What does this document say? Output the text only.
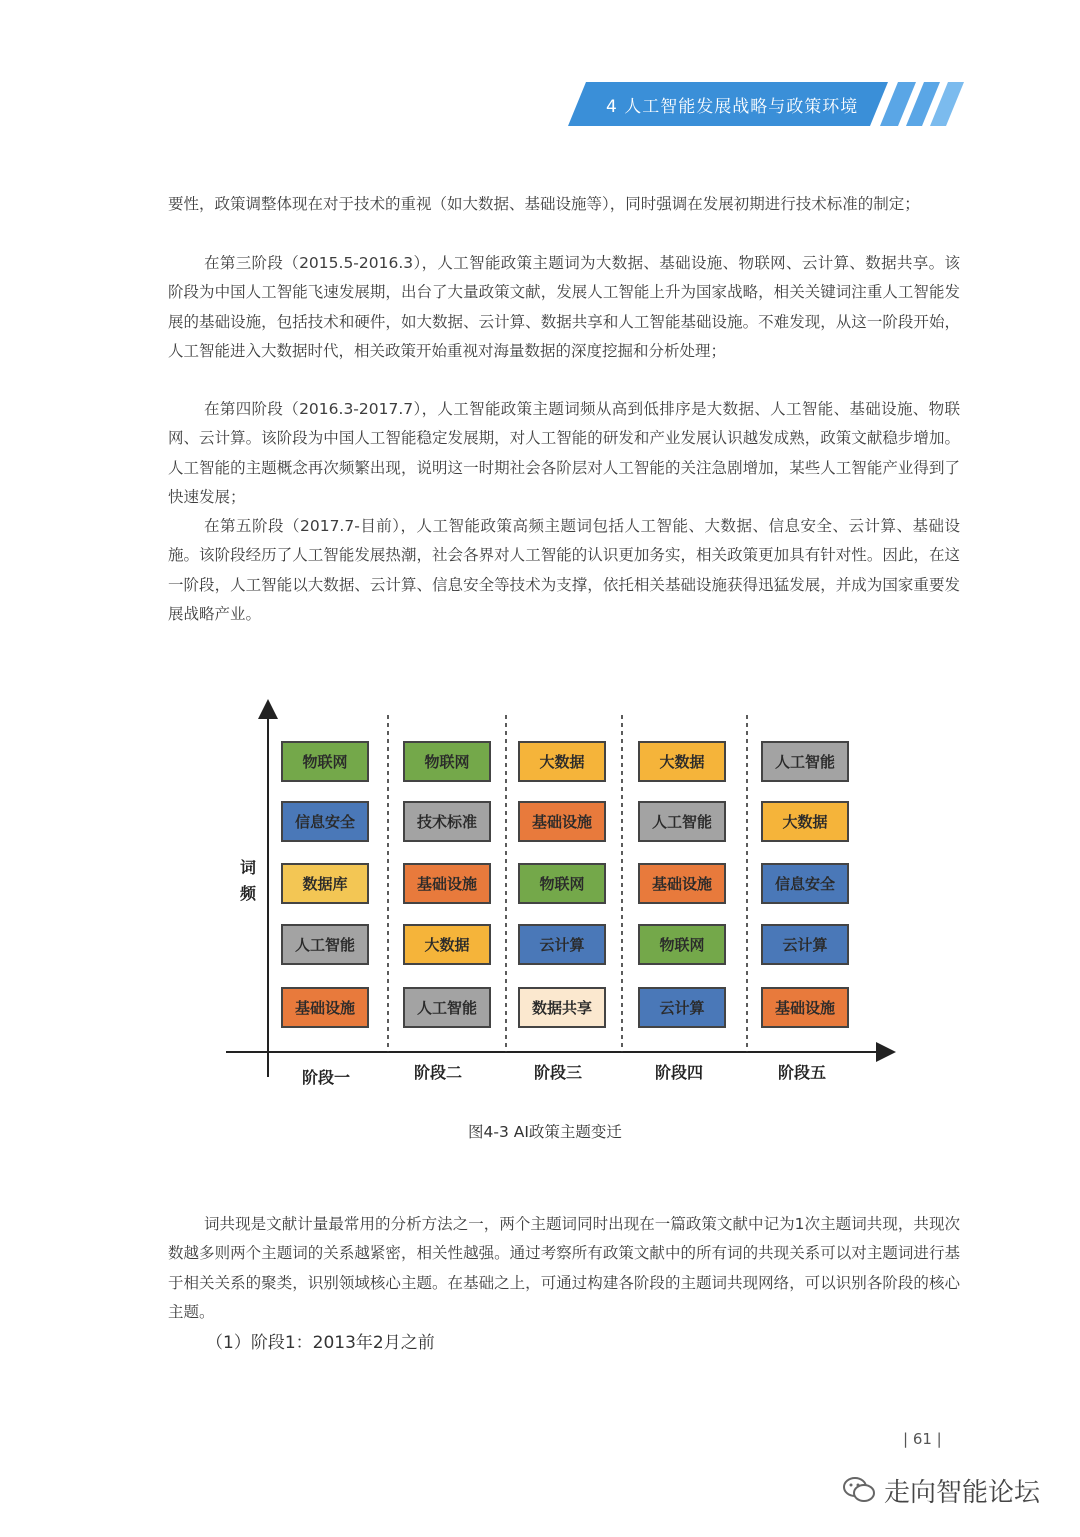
4 人工智能发展战略与政策环境

要性，政策调整体现在对于技术的重视（如大数据、基础设施等），同时强调在发展初期进行技术标准的制定；

在第三阶段（2015.5-2016.3），人工智能政策主题词为大数据、基础设施、物联网、云计算、数据共享。该阶段为中国人工智能飞速发展期，出台了大量政策文献，发展人工智能上升为国家战略，相关关键词注重人工智能发展的基础设施，包括技术和硬件，如大数据、云计算、数据共享和人工智能基础设施。不难发现，从这一阶段开始，人工智能进入大数据时代，相关政策开始重视对海量数据的深度挖掘和分析处理；

在第四阶段（2016.3-2017.7），人工智能政策主题词频从高到低排序是大数据、人工智能、基础设施、物联网、云计算。该阶段为中国人工智能稳定发展期，对人工智能的研发和产业发展认识越发成熟，政策文献稳步增加。人工智能的主题概念再次频繁出现，说明这一时期社会各阶层对人工智能的关注急剧增加，某些人工智能产业得到了快速发展；

在第五阶段（2017.7-目前），人工智能政策高频主题词包括人工智能、大数据、信息安全、云计算、基础设施。该阶段经历了人工智能发展热潮，社会各界对人工智能的认识更加务实，相关政策更加具有针对性。因此，在这一阶段，人工智能以大数据、云计算、信息安全等技术为支撑，依托相关基础设施获得迅猛发展，并成为国家重要发展战略产业。

词频
物联网
信息安全
数据库
人工智能
基础设施
物联网
技术标准
基础设施
大数据
人工智能
大数据
基础设施
物联网
云计算
数据共享
大数据
人工智能
基础设施
物联网
云计算
人工智能
大数据
信息安全
云计算
基础设施
阶段一	阶段二	阶段三	阶段四	阶段五
图4-3 AI政策主题变迁

词共现是文献计量最常用的分析方法之一，两个主题词同时出现在一篇政策文献中记为1次主题词共现，共现次数越多则两个主题词的关系越紧密，相关性越强。通过考察所有政策文献中的所有词的共现关系可以对主题词进行基于相关关系的聚类，识别领域核心主题。在基础之上，可通过构建各阶段的主题词共现网络，可以识别各阶段的核心主题。

（1）阶段1：2013年2月之前

| 61 |
走向智能论坛
